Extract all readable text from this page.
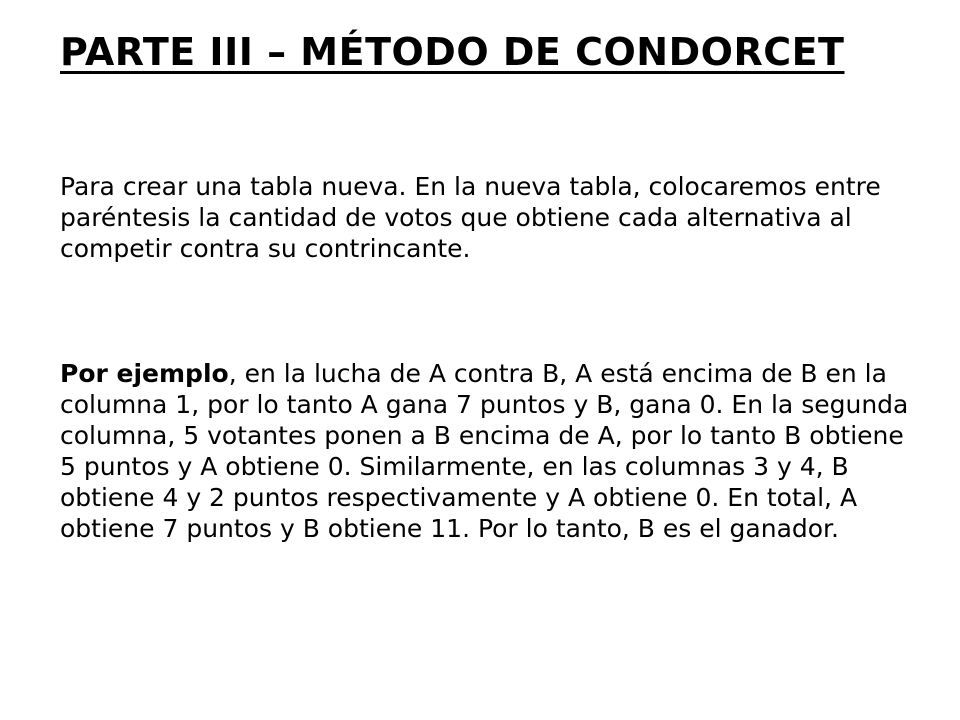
PARTE III – MÉTODO DE CONDORCET

Para crear una tabla nueva. En la nueva tabla, colocaremos entre paréntesis la cantidad de votos que obtiene cada alternativa al competir contra su contrincante.

Por ejemplo, en la lucha de A contra B, A está encima de B en la columna 1, por lo tanto A gana 7 puntos y B, gana 0. En la segunda columna, 5 votantes ponen a B encima de A, por lo tanto B obtiene 5 puntos y A obtiene 0. Similarmente, en las columnas 3 y 4, B obtiene 4 y 2 puntos respectivamente y A obtiene 0. En total, A obtiene 7 puntos y B obtiene 11. Por lo tanto, B es el ganador.
